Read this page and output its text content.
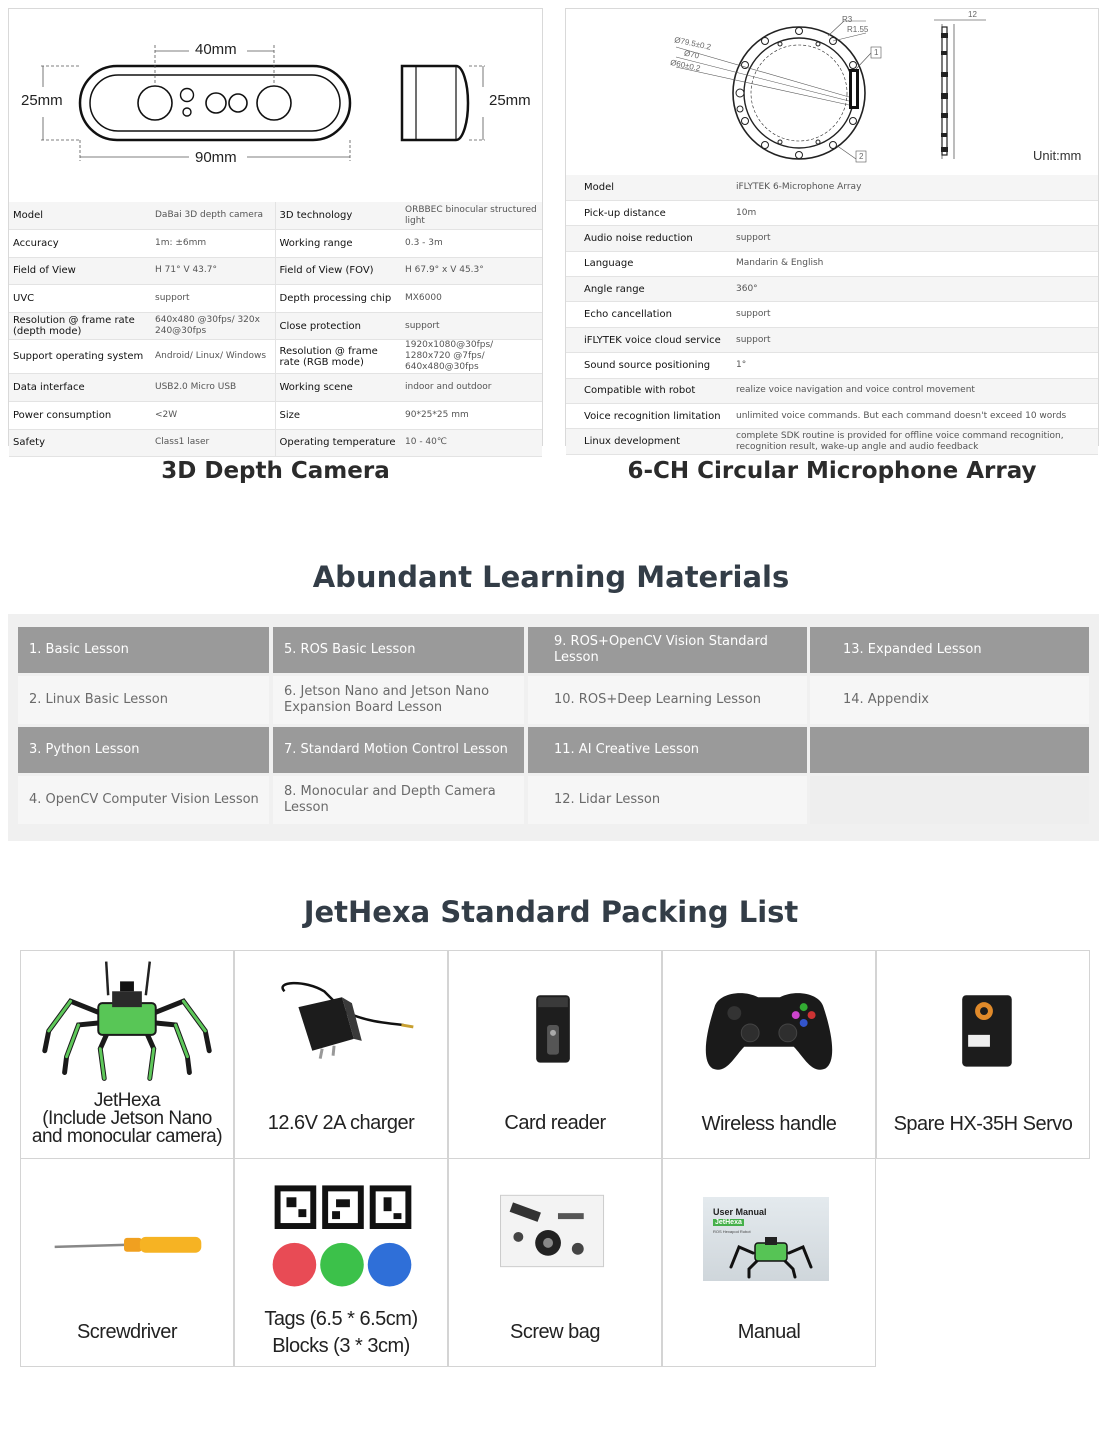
40mm
90mm
25mm	25mm
Model	DaBai 3D depth camera	3D technology	ORBBEC binocular structured light
Accuracy	1m: ±6mm	Working range	0.3 - 3m
Field of View	H 71° V 43.7°	Field of View (FOV)	H 67.9° x V 45.3°
UVC	support	Depth processing chip	MX6000
Resolution @ frame rate (depth mode)	640x480 @30fps/ 320x 240@30fps	Close protection	support
Support operating system	Android/ Linux/ Windows	Resolution @ frame rate (RGB mode)	1920x1080@30fps/ 1280x720 @7fps/ 640x480@30fps
Data interface	USB2.0 Micro USB	Working scene	indoor and outdoor
Power consumption	<2W	Size	90*25*25 mm
Safety	Class1 laser	Operating temperature	10 - 40℃
3D Depth Camera
Ø79.5±0.2
Ø70
Ø60±0.2
R3
R1.55
1
2
12
Unit:mm
Model	iFLYTEK 6-Microphone Array
Pick-up distance	10m
Audio noise reduction	support
Language	Mandarin & English
Angle range	360°
Echo cancellation	support
iFLYTEK voice cloud service	support
Sound source positioning	1°
Compatible with robot	realize voice navigation and voice control movement
Voice recognition limitation	unlimited voice commands. But each command doesn't exceed 10 words
Linux development	complete SDK routine is provided for offline voice command recognition, recognition result, wake-up angle and audio feedback
6-CH Circular Microphone Array
Abundant Learning Materials
1. Basic Lesson
2. Linux Basic Lesson
3. Python Lesson
4. OpenCV Computer Vision Lesson
5. ROS Basic Lesson
6. Jetson Nano and Jetson Nano Expansion Board Lesson
7. Standard Motion Control Lesson
8. Monocular and Depth Camera Lesson
9. ROS+OpenCV Vision Standard Lesson
10. ROS+Deep Learning Lesson
11. AI Creative Lesson
12. Lidar Lesson
13. Expanded Lesson
14. Appendix
JetHexa Standard Packing List
JetHexa
(Include Jetson Nano
and monocular camera)
12.6V 2A charger	Card reader	Wireless handle	Spare HX-35H Servo
Screwdriver
Tags (6.5 * 6.5cm)
Blocks (3 * 3cm)
Screw bag
User Manual
JetHexa
ROS Hexapod Robot
Manual
